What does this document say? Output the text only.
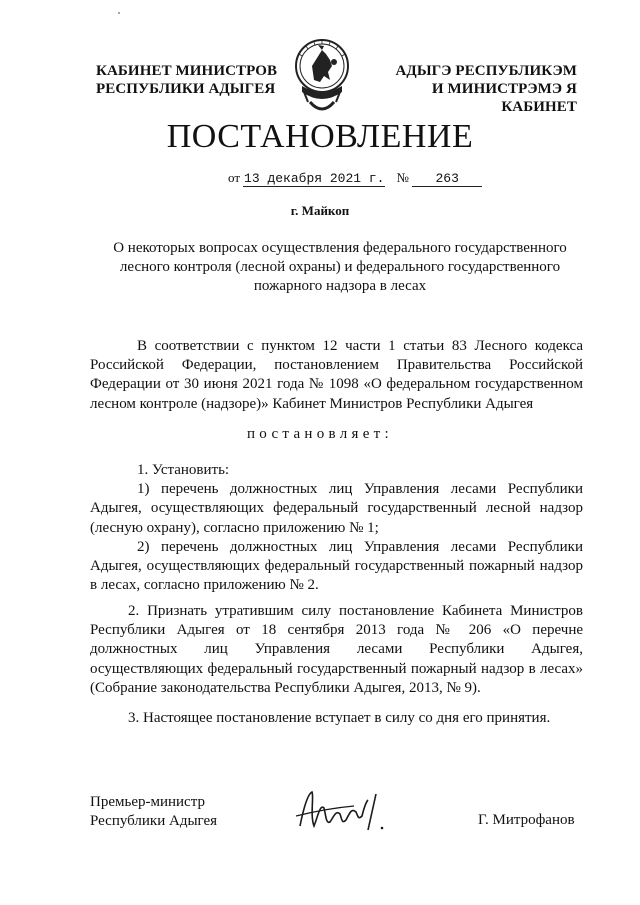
КАБИНЕТ МИНИСТРОВ
РЕСПУБЛИКИ АДЫГЕЯ
АДЫГЭ РЕСПУБЛИКЭМ
И МИНИСТРЭМЭ Я КАБИНЕТ
ПОСТАНОВЛЕНИЕ
от 13 декабря 2021 г. № 263
г. Майкоп
О некоторых вопросах осуществления федерального государственного
лесного контроля (лесной охраны) и федерального государственного
пожарного надзора в лесах
В соответствии с пунктом 12 части 1 статьи 83 Лесного кодекса Российской Федерации, постановлением Правительства Российской Федерации от 30 июня 2021 года № 1098 «О федеральном государственном лесном контроле (надзоре)» Кабинет Министров Республики Адыгея
постановляет:
1. Установить:
1) перечень должностных лиц Управления лесами Республики Адыгея, осуществляющих федеральный государственный лесной надзор (лесную охрану), согласно приложению № 1;
2) перечень должностных лиц Управления лесами Республики Адыгея, осуществляющих федеральный государственный пожарный надзор в лесах, согласно приложению № 2.
2. Признать утратившим силу постановление Кабинета Министров Республики Адыгея от 18 сентября 2013 года № 206 «О перечне должностных лиц Управления лесами Республики Адыгея, осуществляющих федеральный государственный пожарный надзор в лесах» (Собрание законодательства Республики Адыгея, 2013, № 9).
3. Настоящее постановление вступает в силу со дня его принятия.
Премьер-министр
Республики Адыгея	Г. Митрофанов
